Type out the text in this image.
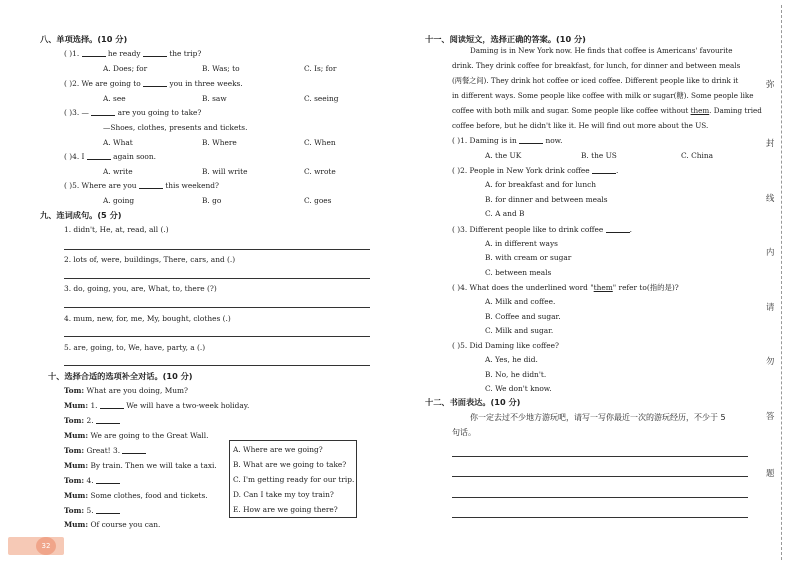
八、单项选择。(10 分)
( )1.	he ready	the trip?
A. Does; for	B. Was; to	C. Is; for
( )2. We are going to	you in three weeks.
A. see	B. saw	C. seeing
( )3. —	are you going to take?
—Shoes, clothes, presents and tickets.
A. What	B. Where	C. When
( )4. I	again soon.
A. write	B. will write	C. wrote
( )5. Where are you	this weekend?
A. going	B. go	C. goes
九、连词成句。(5 分)
1. didn't, He, at, read, all (.)
2. lots of, were, buildings, There, cars, and (.)
3. do, going, you, are, What, to, there (?)
4. mum, new, for, me, My, bought, clothes (.)
5. are, going, to, We, have, party, a (.)
十、选择合适的选项补全对话。(10 分)
Tom: What are you doing, Mum?
Mum: 1.	We will have a two-week holiday.
Tom: 2.
Mum: We are going to the Great Wall.
Tom: Great! 3.
Mum: By train. Then we will take a taxi.
Tom: 4.
Mum: Some clothes, food and tickets.
Tom: 5.
Mum: Of course you can.
A. Where are we going?
B. What are we going to take?
C. I'm getting ready for our trip.
D. Can I take my toy train?
E. How are we going there?
32
十一、阅读短文，选择正确的答案。(10 分)
Daming is in New York now. He finds that coffee is Americans' favourite
drink. They drink coffee for breakfast, for lunch, for dinner and between meals
(两餐之间). They drink hot coffee or iced coffee. Different people like to drink it
in different ways. Some people like coffee with milk or sugar(糖). Some people like
coffee with both milk and sugar. Some people like coffee without them. Daming tried
coffee before, but he didn't like it. He will find out more about the US.
( )1. Daming is in	now.
A. the UK	B. the US	C. China
( )2. People in New York drink coffee	.
A. for breakfast and for lunch
B. for dinner and between meals
C. A and B
( )3. Different people like to drink coffee	.
A. in different ways
B. with cream or sugar
C. between meals
( )4. What does the underlined word "them" refer to(指的是)?
A. Milk and coffee.
B. Coffee and sugar.
C. Milk and sugar.
( )5. Did Daming like coffee?
A. Yes, he did.
B. No, he didn't.
C. We don't know.
十二、书面表达。(10 分)
你一定去过不少地方游玩吧，请写一写你最近一次的游玩经历，不少于 5
句话。
弥
封
线
内
请
勿
答
题
